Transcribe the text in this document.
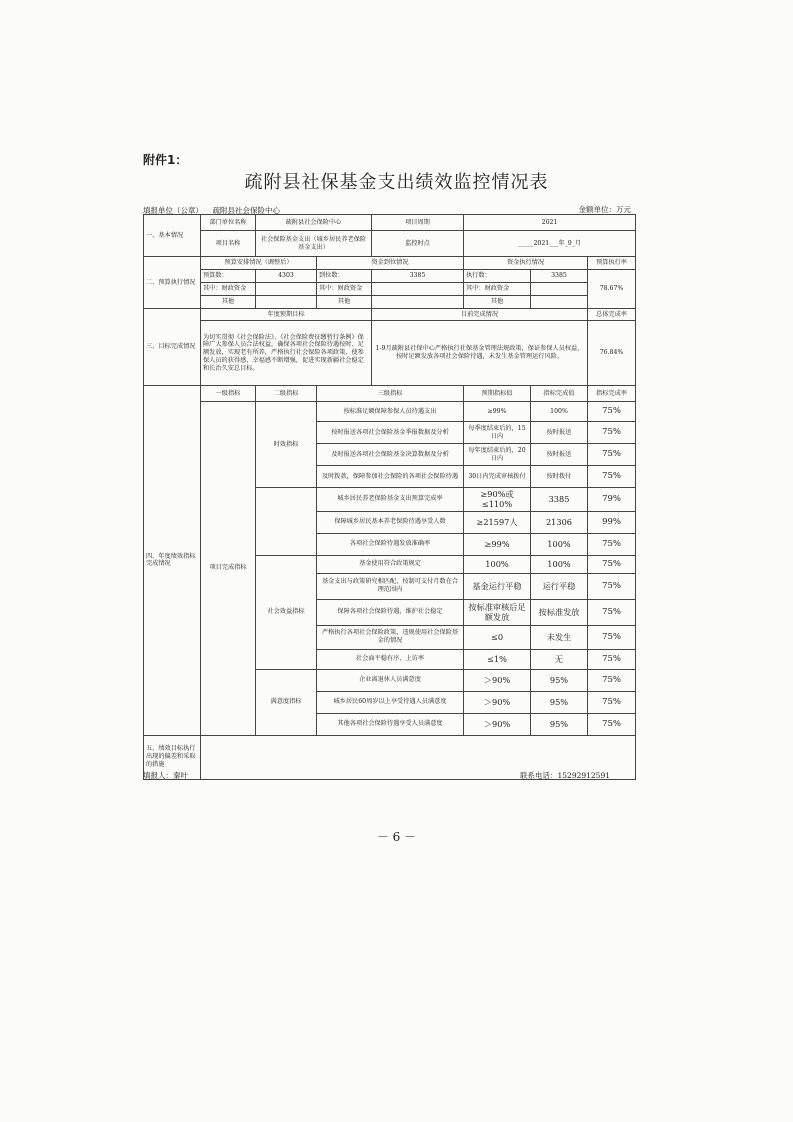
附件1：
疏附县社保基金支出绩效监控情况表
填报单位（公章） 疏附县社会保险中心	金额单位：万元
一、基本情况	部门单位名称	疏附县社会保险中心		项目周期	2021		
	项目名称	社会保险基金支出（城乡居民养老保险基金支出）		监控时点	_____2021___年_9_月		
二、预算执行情况	预算安排情况（调整后）		资金到位情况		资金执行情况		预算执行率
	预算数：	4303	到位数：	3385	执行数：	3385	78.67%
	其中：财政资金		其中：财政资金		其中：财政资金		
	其他		其他		其他		
三、目标完成情况	年度预期目标			目前完成情况			总体完成率
	为切实贯彻《社会保险法》、《社会保险费征缴暂行条例》保障广大参保人员合法权益，确保各项社会保险待遇按时、足额发放，实现老有所养，严格执行社会保险各项政策，使参保人员的获得感、幸福感不断增强，促进实现新疆社会稳定和长治久安总目标。			1-9月疏附县社保中心严格执行社保基金管理法规政策，保证参保人员权益，按时足额发放各项社会保险待遇，未发生基金管理运行风险。			76.84%
四、年度绩效指标完成情况	一级指标	二级指标	三级指标		预期指标值	指标完成值	指标完成率
	项目完成指标	时效指标	按标准足额保障参保人员待遇支出		≥99%	100%	75%
			按时报送各项社会保险基金季报数据及分析		每季度结束后的，15日内	按时报送	75%
			及时报送各项社会保险基金决算数据及分析		每年度结束后的，20日内	按时报送	75%
			及时拨款，保障参加社会保险的各项社会保险待遇		30日内完成审核拨付	按时拨付	75%
			城乡居民养老保险基金支出预算完成率		≥90%或≤110%	3385	79%
			保障城乡居民基本养老保险待遇享受人数		≥21597人	21306	99%
			各项社会保险待遇发放准确率		≥99%	100%	75%
		社会效益指标	基金使用符合政策规定		100%	100%	75%
			基金支出与政策研究相匹配，按制可支付月数在合理范围内		基金运行平稳	运行平稳	75%
			保障各项社会保险待遇，维护社会稳定		按标准审核后足额发放	按标准发放	75%
			严格执行各项社会保险政策，违规使用社会保险基金的情况		≤0	未发生	75%
			社会面平稳有序，上访率		≤1%	无	75%
		满意度指标	企业离退休人员满意度		＞90%	95%	75%
			城乡居民60周岁以上享受待遇人员满意度		＞90%	95%	75%
			其他各项社会保险待遇享受人员满意度		＞90%	95%	75%
五、绩效目标执行出现的偏差和采取的措施							
填报人：秦叶	联系电话：15292912591
－ 6 －
